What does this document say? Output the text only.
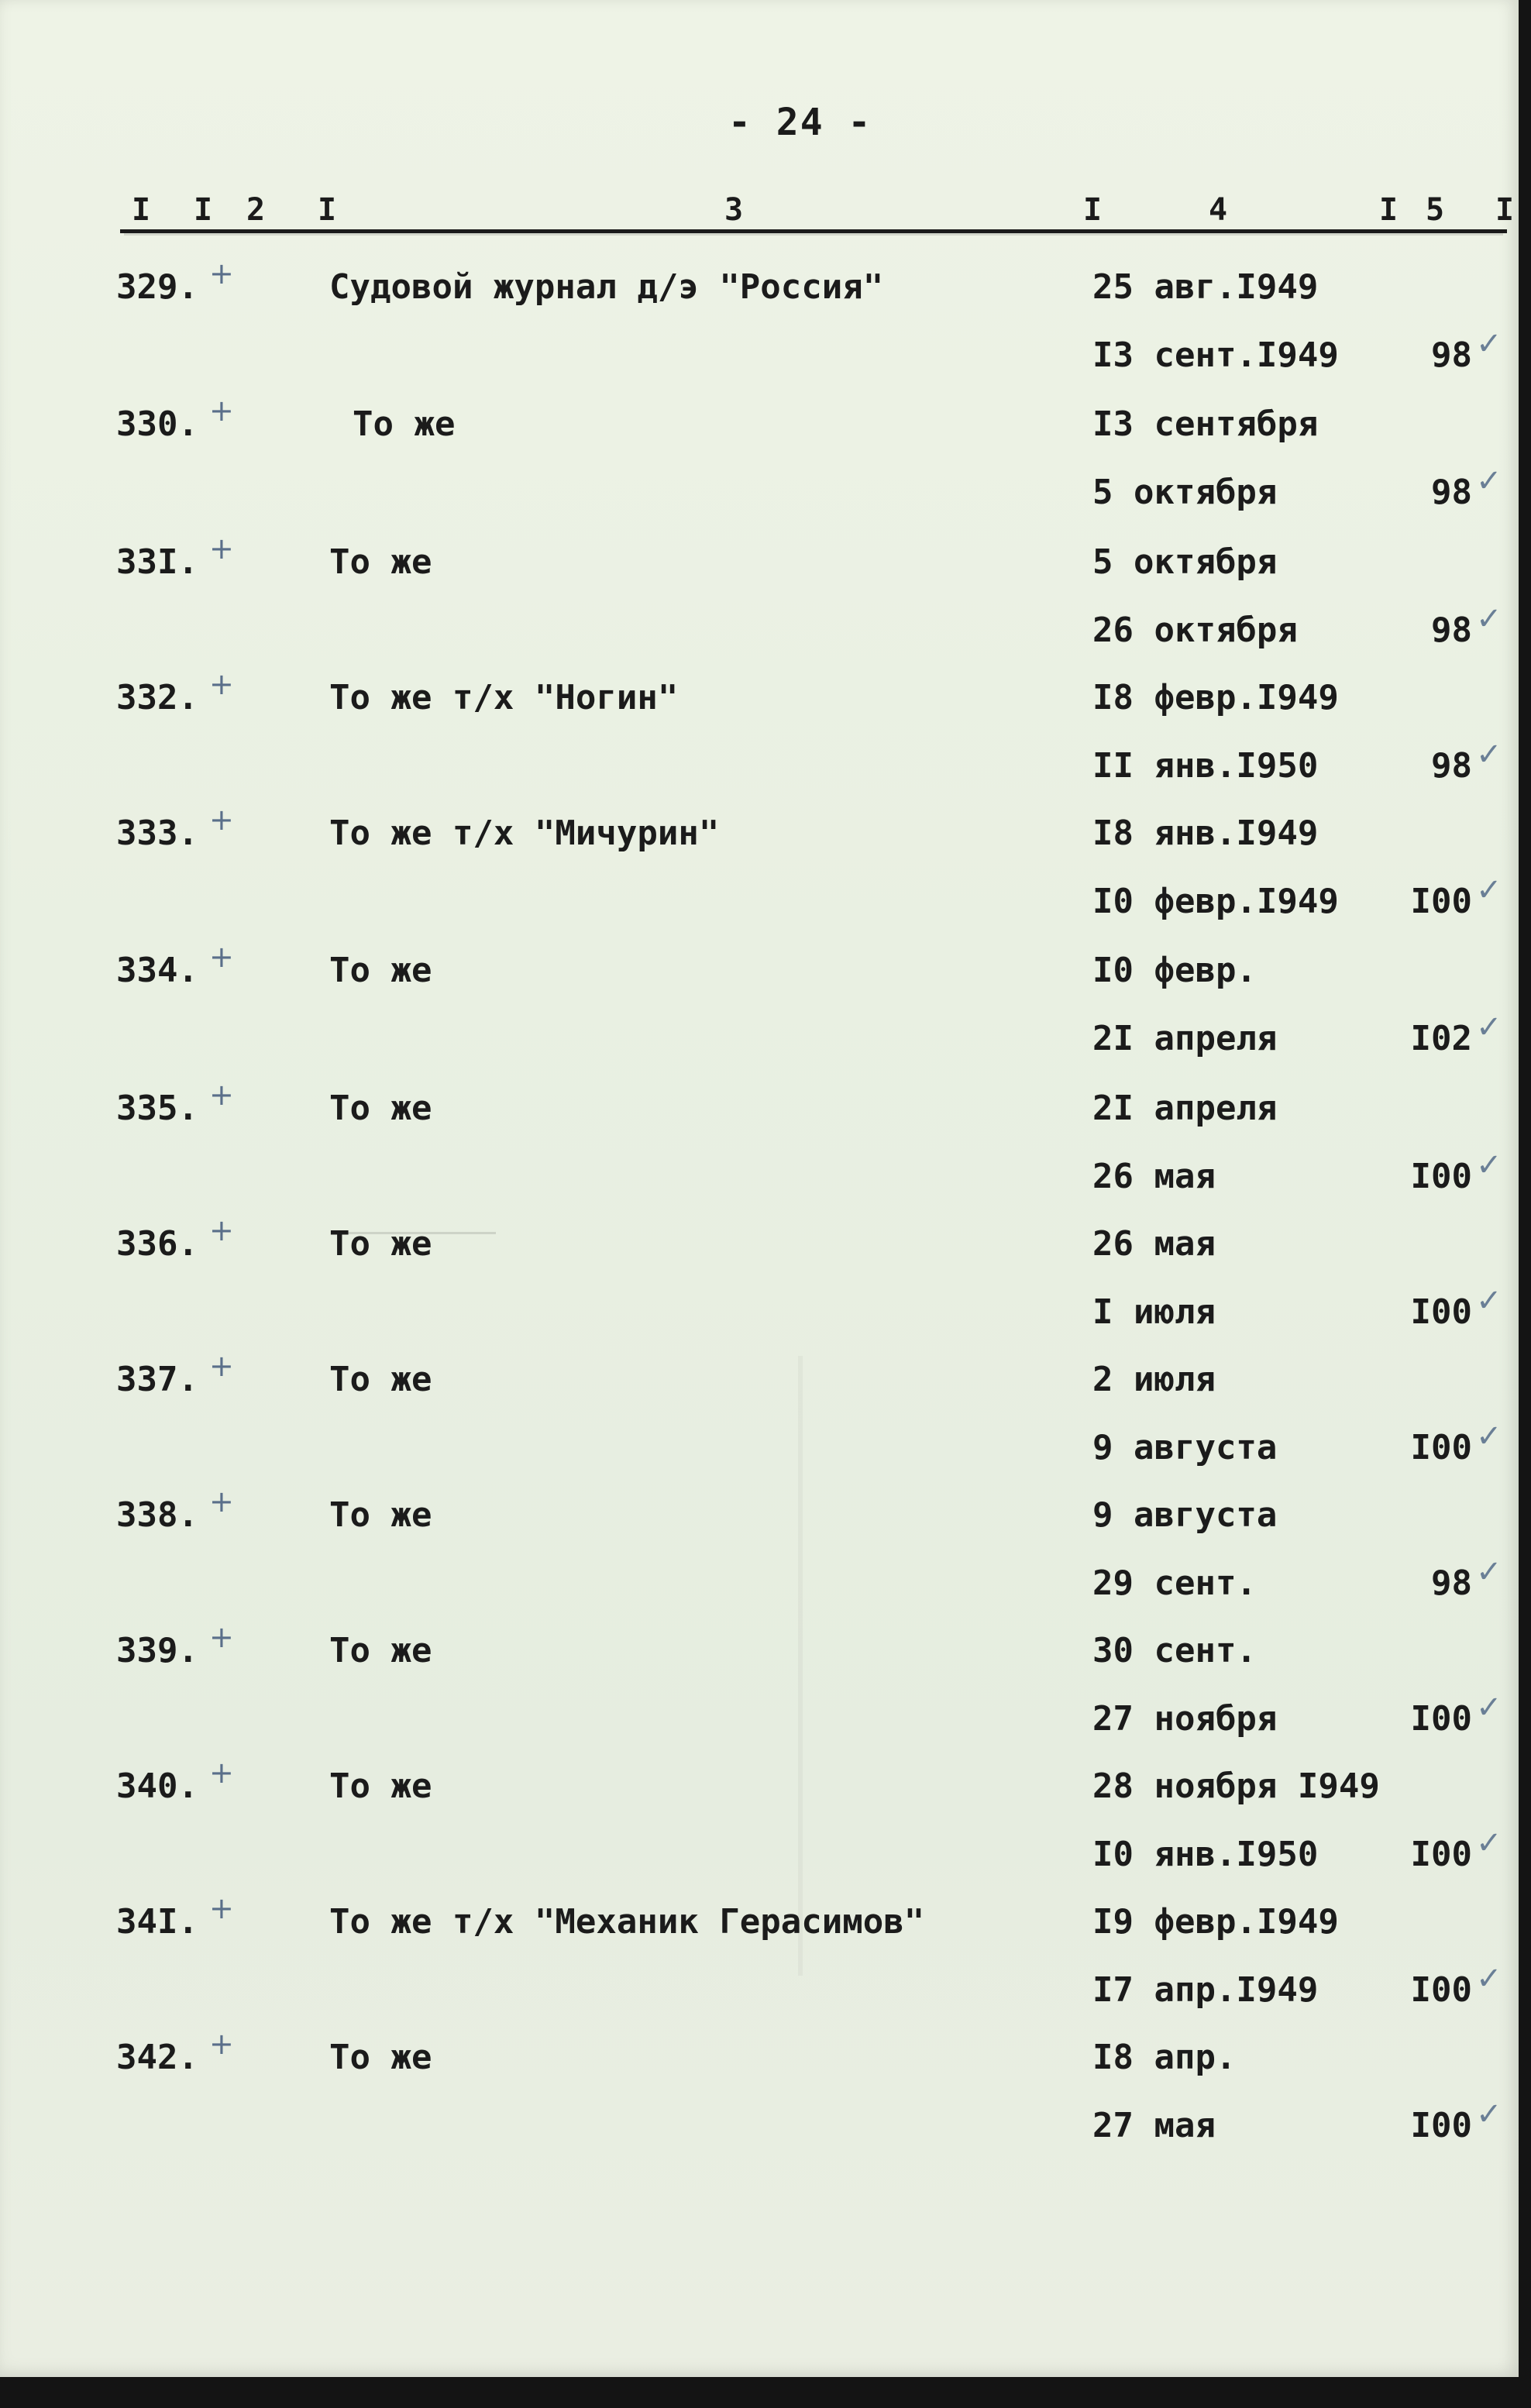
- 24 -
I I 2 I	3	I	4	I 5 I
329. +	Судовой журнал д/э "Россия"	25 авг.I949
I3 сент.I949	98 ✓
330. +	То же	I3 сентября
5 октября	98 ✓
33I. +	То же	5 октября
26 октября	98 ✓
332. +	То же т/х "Ногин"	I8 февр.I949
II янв.I950	98 ✓
333. +	То же т/х "Мичурин"	I8 янв.I949
I0 февр.I949 I00 ✓
334. +	То же	I0 февр.
2I апреля	I02 ✓
335. +	То же	2I апреля
26 мая	I00 ✓
336. +	То же	26 мая
I июля	I00 ✓
337. +	То же	2 июля
9 августа	I00 ✓
338. +	То же	9 августа
29 сент.	98 ✓
339. +	То же	30 сент.
27 ноября	I00 ✓
340. +	То же	28 ноября I949
I0 янв.I950	I00 ✓
34I. +	То же т/х "Механик Герасимов"	I9 февр.I949
I7 апр.I949	I00 ✓
342. +	То же	I8 апр.
27 мая	I00 ✓
